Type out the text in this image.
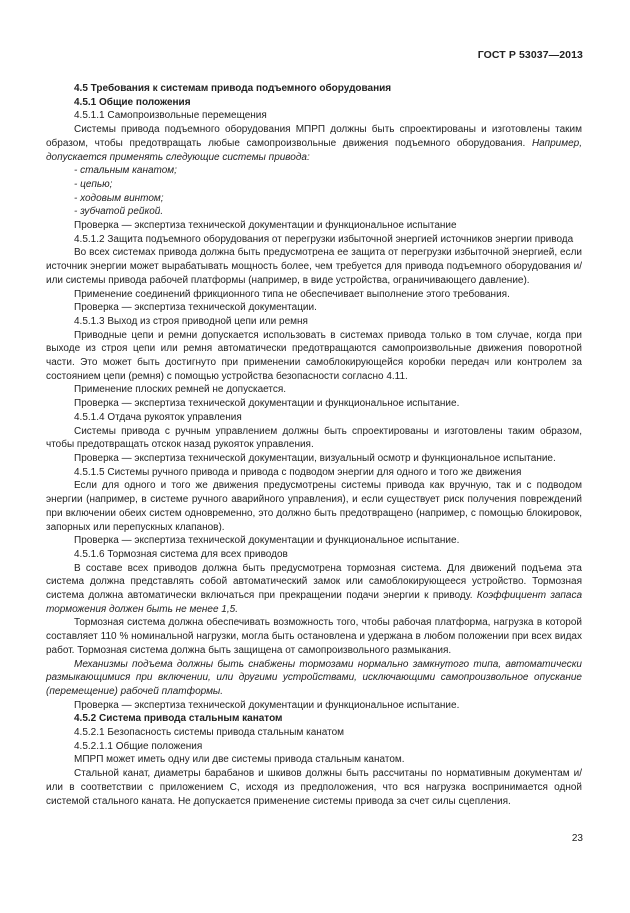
ГОСТ Р 53037—2013

4.5 Требования к системам привода подъемного оборудования

4.5.1 Общие положения

4.5.1.1 Самопроизвольные перемещения

Системы привода подъемного оборудования МПРП должны быть спроектированы и изготовлены таким образом, чтобы предотвращать любые самопроизвольные движения подъемного оборудования. Например, допускается применять следующие системы привода:

- стальным канатом;

- цепью;

- ходовым винтом;

- зубчатой рейкой.

Проверка — экспертиза технической документации и функциональное испытание

4.5.1.2 Защита подъемного оборудования от перегрузки избыточной энергией источников энергии привода

Во всех системах привода должна быть предусмотрена ее защита от перегрузки избыточной энергией, если источник энергии может вырабатывать мощность более, чем требуется для привода подъемного оборудования и/или системы привода рабочей платформы (например, в виде устройства, ограничивающего давление).

Применение соединений фрикционного типа не обеспечивает выполнение этого требования.

Проверка — экспертиза технической документации.

4.5.1.3 Выход из строя приводной цепи или ремня

Приводные цепи и ремни допускается использовать в системах привода только в том случае, когда при выходе из строя цепи или ремня автоматически предотвращаются самопроизвольные движения поворотной части. Это может быть достигнуто при применении самоблокирующейся коробки передач или контролем за состоянием цепи (ремня) с помощью устройства безопасности согласно 4.11.

Применение плоских ремней не допускается.

Проверка — экспертиза технической документации и функциональное испытание.

4.5.1.4 Отдача рукояток управления

Системы привода с ручным управлением должны быть спроектированы и изготовлены таким образом, чтобы предотвращать отскок назад рукояток управления.

Проверка — экспертиза технической документации, визуальный осмотр и функциональное испытание.

4.5.1.5 Системы ручного привода и привода с подводом энергии для одного и того же движения

Если для одного и того же движения предусмотрены системы привода как вручную, так и с подводом энергии (например, в системе ручного аварийного управления), и если существует риск получения повреждений при включении обеих систем одновременно, это должно быть предотвращено (например, с помощью блокировок, запорных или перепускных клапанов).

Проверка — экспертиза технической документации и функциональное испытание.

4.5.1.6 Тормозная система для всех приводов

В составе всех приводов должна быть предусмотрена тормозная система. Для движений подъема эта система должна представлять собой автоматический замок или самоблокирующееся устройство. Тормозная система должна автоматически включаться при прекращении подачи энергии к приводу. Коэффициент запаса торможения должен быть не менее 1,5.

Тормозная система должна обеспечивать возможность того, чтобы рабочая платформа, нагрузка в которой составляет 110 % номинальной нагрузки, могла быть остановлена и удержана в любом положении при всех видах работ. Тормозная система должна быть защищена от самопроизвольного размыкания.

Механизмы подъема должны быть снабжены тормозами нормально замкнутого типа, автоматически размыкающимися при включении, или другими устройствами, исключающими самопроизвольное опускание (перемещение) рабочей платформы.

Проверка — экспертиза технической документации и функциональное испытание.

4.5.2 Система привода стальным канатом

4.5.2.1 Безопасность системы привода стальным канатом

4.5.2.1.1 Общие положения

МПРП может иметь одну или две системы привода стальным канатом.

Стальной канат, диаметры барабанов и шкивов должны быть рассчитаны по нормативным документам и/или в соответствии с приложением С, исходя из предположения, что вся нагрузка воспринимается одной системой стального каната. Не допускается применение системы привода за счет силы сцепления.

23
